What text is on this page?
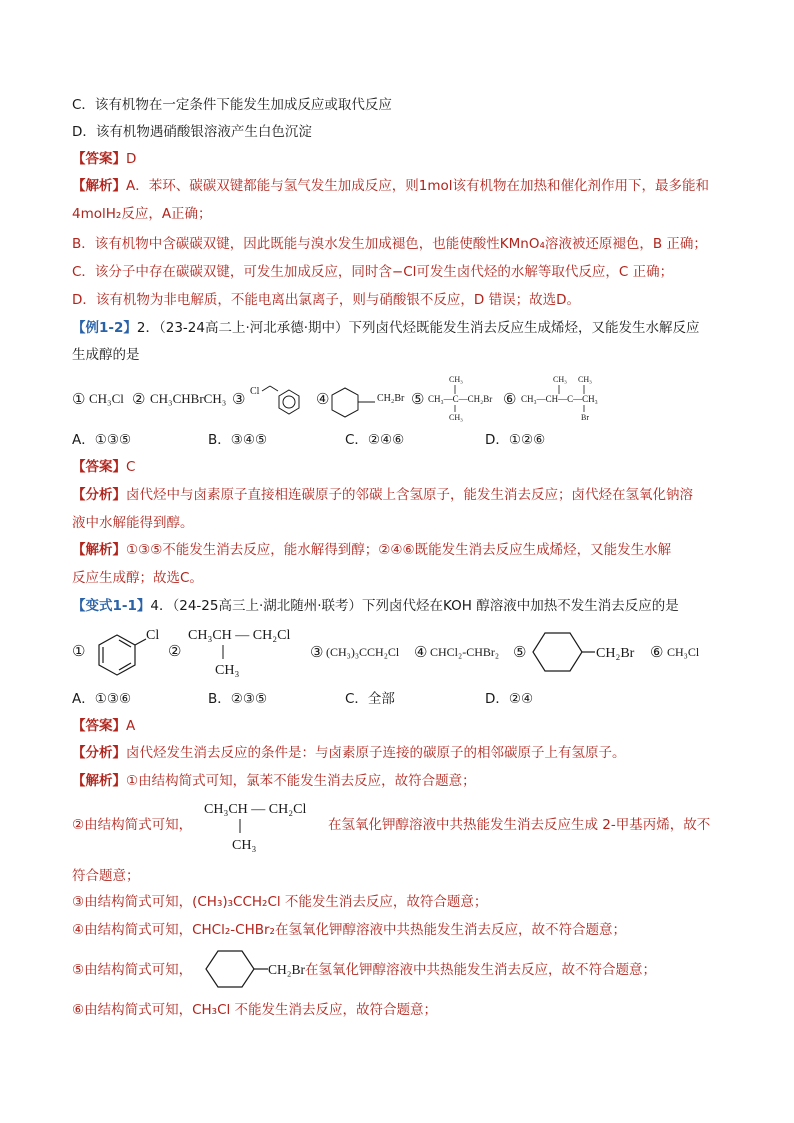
C．该有机物在一定条件下能发生加成反应或取代反应
D．该有机物遇硝酸银溶液产生白色沉淀
【答案】D
【解析】A．苯环、碳碳双键都能与氢气发生加成反应，则1mol该有机物在加热和催化剂作用下，最多能和
4molH₂反应，A正确；
B．该有机物中含碳碳双键，因此既能与溴水发生加成褪色，也能使酸性KMnO₄溶液被还原褪色，B 正确；
C．该分子中存在碳碳双键，可发生加成反应，同时含−Cl可发生卤代烃的水解等取代反应，C 正确；
D．该有机物为非电解质，不能电离出氯离子，则与硝酸银不反应，D 错误；故选D。
【例1-2】2．（23-24高二上·河北承德·期中）下列卤代烃既能发生消去反应生成烯烃，又能发生水解反应
生成醇的是
① CH₃Cl ② CH₃CHBrCH₃ ③
Cl
④	CH₂Br ⑤
CH₃
CH₃—C—CH₂Br
CH₃
⑥
CH₃ CH₃
CH₃—CH—C—CH₃
Br
A．①③⑤	B．③④⑤	C．②④⑥	D．①②⑥
【答案】C
【分析】卤代烃中与卤素原子直接相连碳原子的邻碳上含氢原子，能发生消去反应；卤代烃在氢氧化钠溶
液中水解能得到醇。
【解析】①③⑤不能发生消去反应，能水解得到醇；②④⑥既能发生消去反应生成烯烃，又能发生水解
反应生成醇；故选C。
【变式1-1】4．（24-25高三上·湖北随州·联考）下列卤代烃在KOH 醇溶液中加热不发生消去反应的是
①
Cl
②
CH₃CH — CH₂Cl
CH₃
③ (CH₃)₃CCH₂Cl ④ CHCl₂-CHBr₂ ⑤	CH₂Br ⑥ CH₃Cl
A．①③⑥	B．②③⑤	C．全部	D．②④
【答案】A
【分析】卤代烃发生消去反应的条件是：与卤素原子连接的碳原子的相邻碳原子上有氢原子。
【解析】①由结构简式可知，氯苯不能发生消去反应，故符合题意；
②由结构简式可知，
CH₃CH — CH₂Cl
CH₃
在氢氧化钾醇溶液中共热能发生消去反应生成 2-甲基丙烯，故不
符合题意；
③由结构简式可知，(CH₃)₃CCH₂Cl 不能发生消去反应，故符合题意；
④由结构简式可知，CHCl₂-CHBr₂在氢氧化钾醇溶液中共热能发生消去反应，故不符合题意；
⑤由结构简式可知，	CH₂Br在氢氧化钾醇溶液中共热能发生消去反应，故不符合题意；
⑥由结构简式可知，CH₃Cl 不能发生消去反应，故符合题意；
